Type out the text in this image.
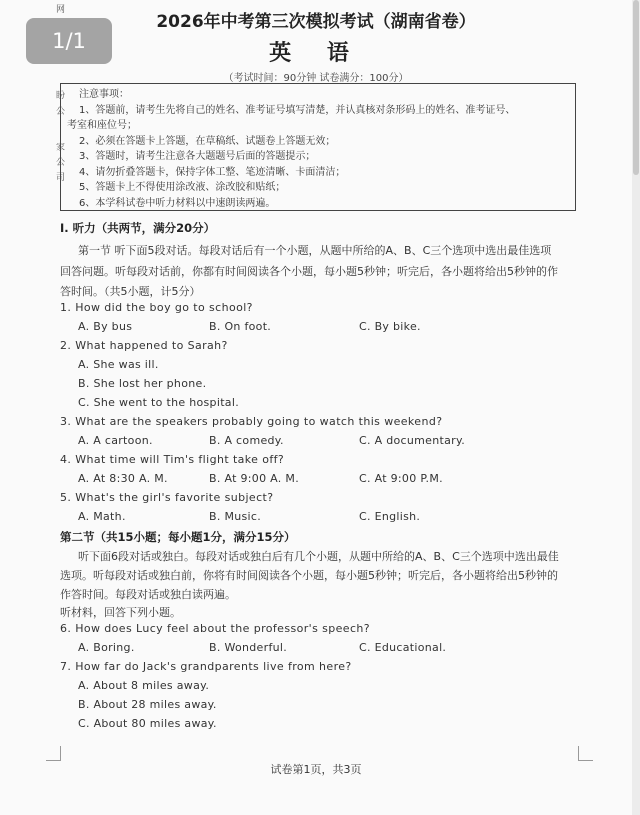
1/1
网
盼
公
家
公
司
2026年中考第三次模拟考试（湖南省卷）
英 语
（考试时间：90分钟 试卷满分：100分）

注意事项：

1、答题前，请考生先将自己的姓名、准考证号填写清楚，并认真核对条形码上的姓名、准考证号、

考室和座位号；

2、必须在答题卡上答题，在草稿纸、试题卷上答题无效；

3、答题时，请考生注意各大题题号后面的答题提示；

4、请勿折叠答题卡，保持字体工整、笔迹清晰、卡面清洁；

5、答题卡上不得使用涂改液、涂改胶和贴纸；

6、本学科试卷中听力材料以中速朗读两遍。

I. 听力（共两节，满分20分）
第一节 听下面5段对话。每段对话后有一个小题，从题中所给的A、B、C三个选项中选出最佳选项
回答问题。听每段对话前，你都有时间阅读各个小题，每小题5秒钟；听完后，各小题将给出5秒钟的作
答时间。（共5小题，计5分）
1. How did the boy go to school?
A. By bus	B. On foot.	C. By bike.
2. What happened to Sarah?
A. She was ill.
B. She lost her phone.
C. She went to the hospital.
3. What are the speakers probably going to watch this weekend?
A. A cartoon.	B. A comedy.	C. A documentary.
4. What time will Tim's flight take off?
A. At 8:30 A. M.	B. At 9:00 A. M.	C. At 9:00 P.M.
5. What's the girl's favorite subject?
A. Math.	B. Music.	C. English.
第二节（共15小题；每小题1分，满分15分）
听下面6段对话或独白。每段对话或独白后有几个小题，从题中所给的A、B、C三个选项中选出最佳
选项。听每段对话或独白前，你将有时间阅读各个小题，每小题5秒钟；听完后，各小题将给出5秒钟的
作答时间。每段对话或独白读两遍。
听材料，回答下列小题。
6. How does Lucy feel about the professor's speech?
A. Boring.	B. Wonderful.	C. Educational.
7. How far do Jack's grandparents live from here?
A. About 8 miles away.
B. About 28 miles away.
C. About 80 miles away.
试卷第1页，共3页
